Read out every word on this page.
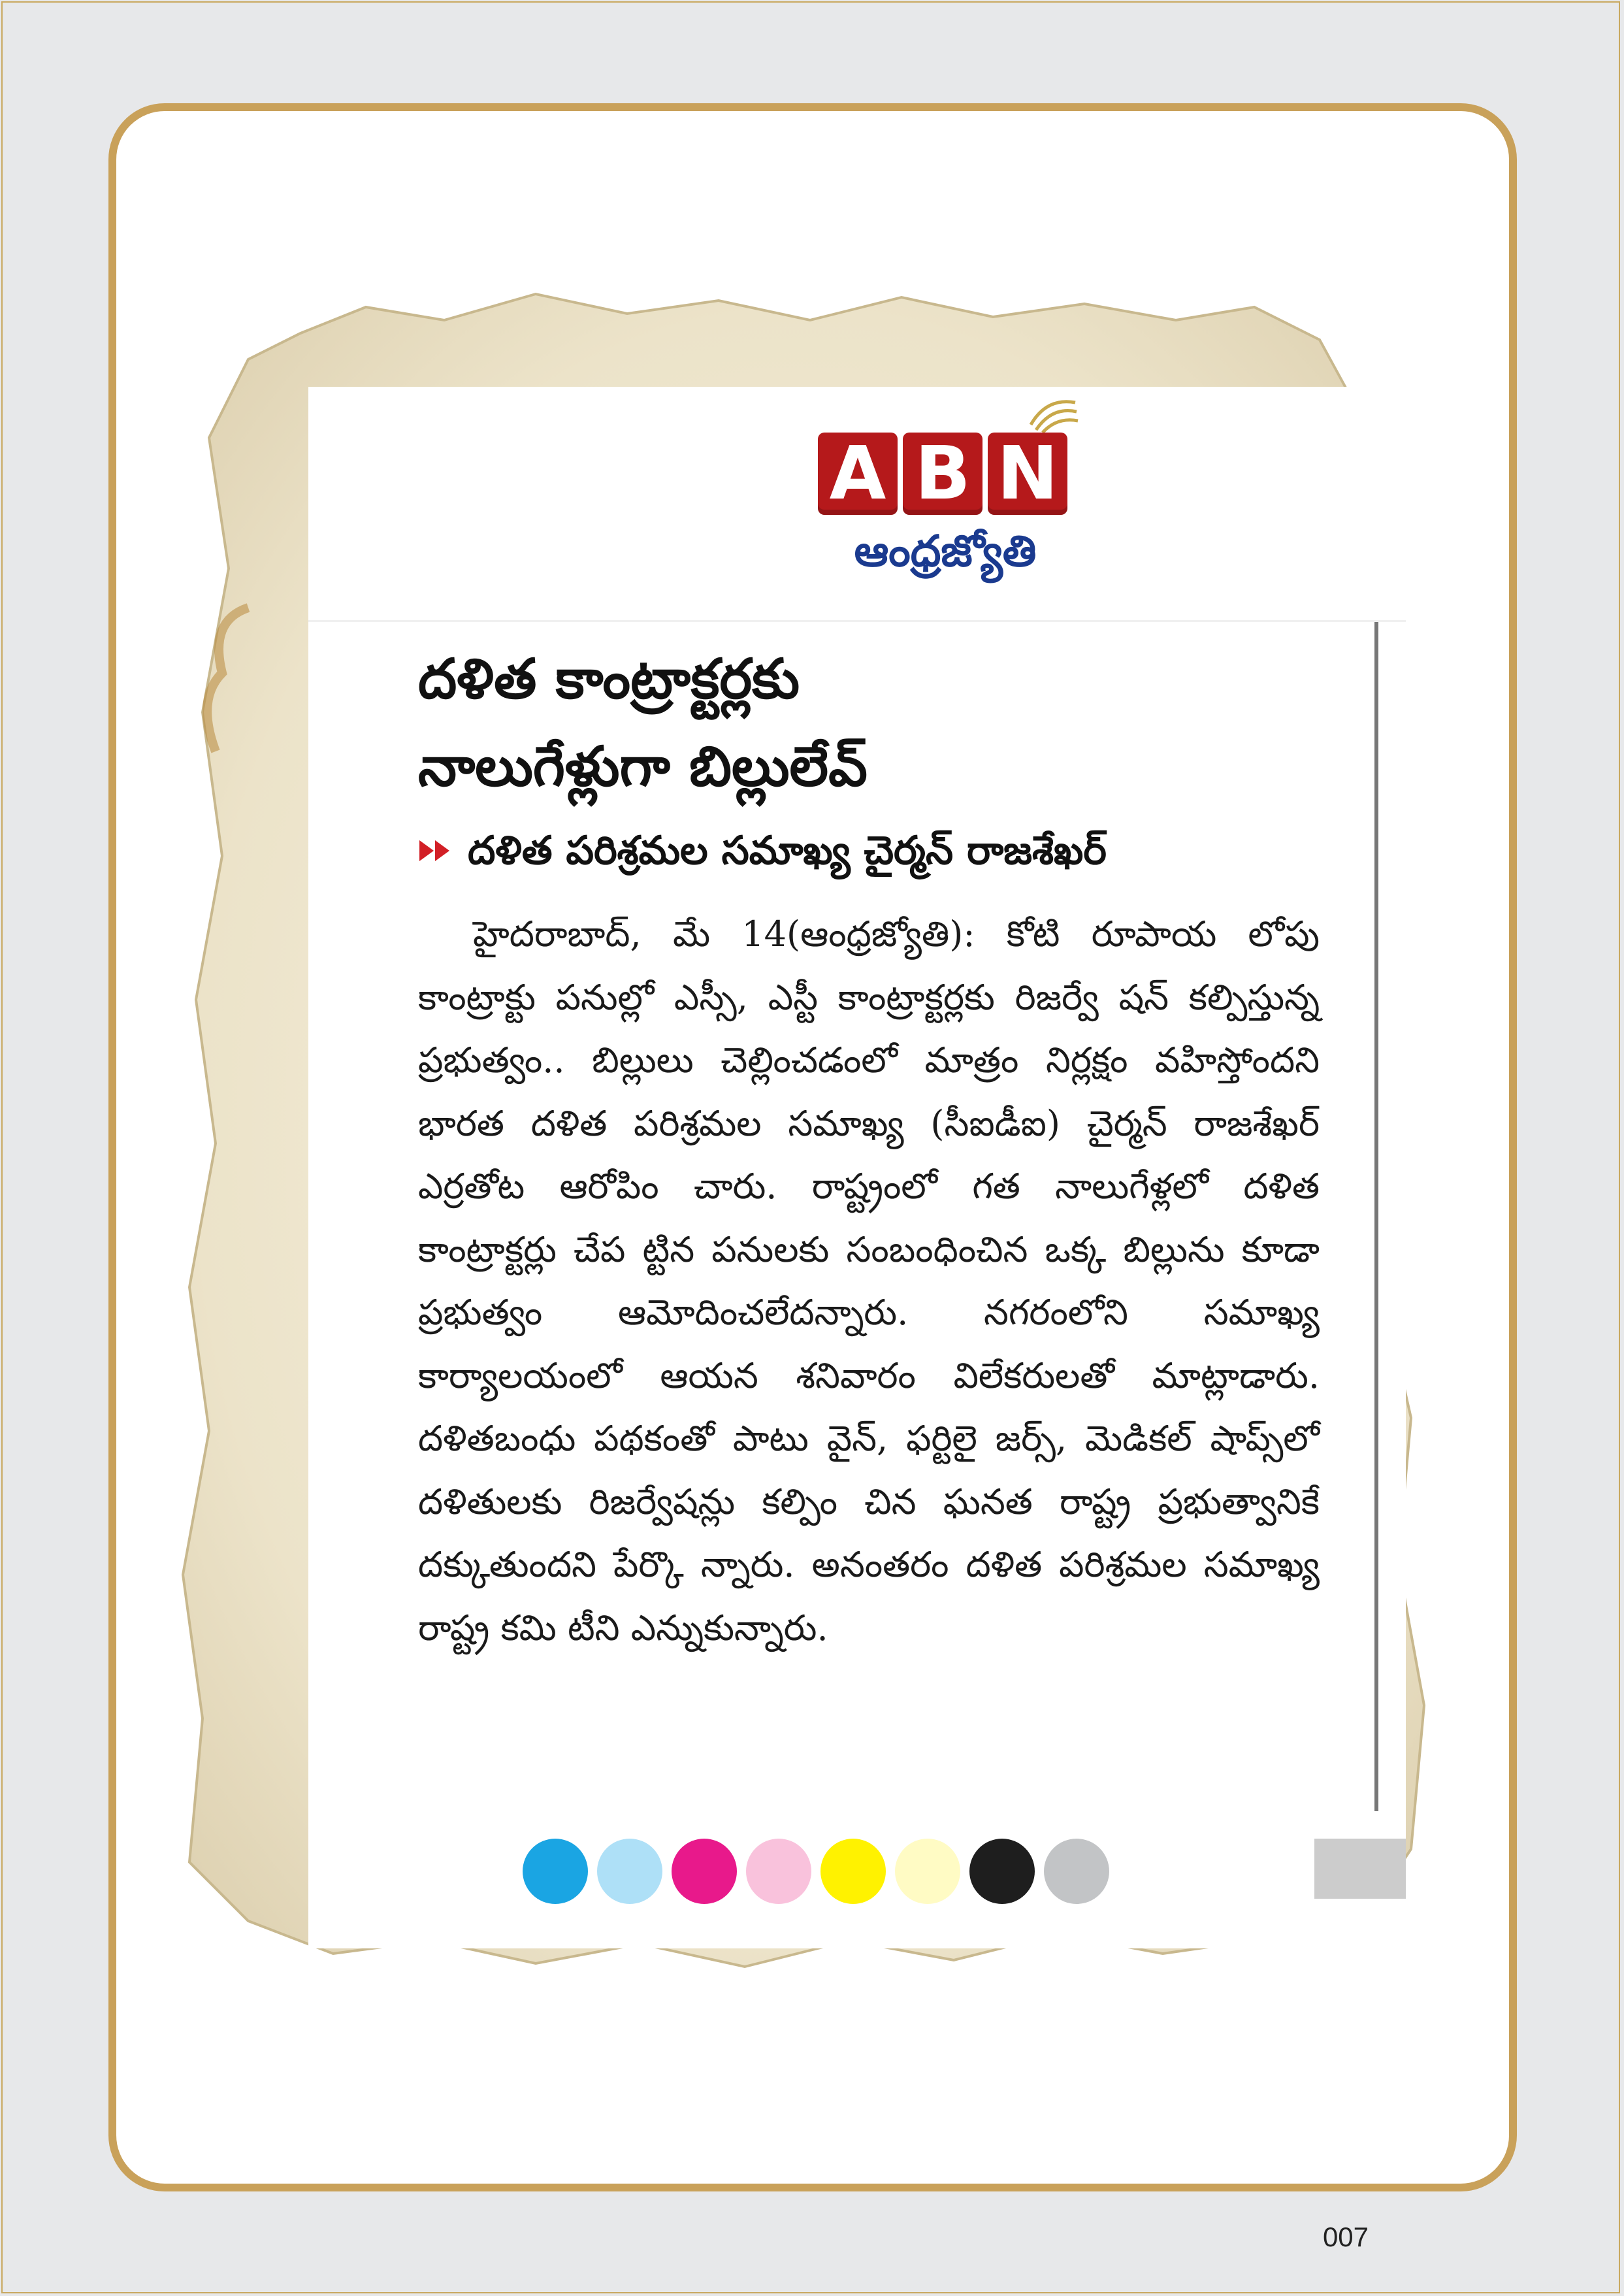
A B N
ఆంధ్రజ్యోతి
దళిత కాంట్రాక్టర్లకు
నాలుగేళ్లుగా బిల్లులేవ్
దళిత పరిశ్రమల సమాఖ్య చైర్మన్ రాజశేఖర్

హైదరాబాద్, మే 14(ఆంధ్రజ్యోతి): కోటి రూపాయ లోపు కాంట్రాక్టు పనుల్లో ఎస్సీ, ఎస్టీ కాంట్రాక్టర్లకు రిజర్వే షన్ కల్పిస్తున్న ప్రభుత్వం.. బిల్లులు చెల్లించడంలో మాత్రం నిర్లక్షం వహిస్తోందని భారత దళిత పరిశ్రమల సమాఖ్య (సీఐడీఐ) చైర్మన్ రాజశేఖర్ ఎర్రతోట ఆరోపిం చారు. రాష్ట్రంలో గత నాలుగేళ్లలో దళిత కాంట్రాక్టర్లు చేప ట్టిన పనులకు సంబంధించిన ఒక్క బిల్లును కూడా ప్రభుత్వం ఆమోదించలేదన్నారు. నగరంలోని సమాఖ్య కార్యాలయంలో ఆయన శనివారం విలేకరులతో మాట్లాడారు. దళితబంధు పథకంతో పాటు వైన్, ఫర్టిలై జర్స్, మెడికల్ షాప్స్‌లో దళితులకు రిజర్వేషన్లు కల్పిం చిన ఘనత రాష్ట్ర ప్రభుత్వానికే దక్కుతుందని పేర్కొ న్నారు. అనంతరం దళిత పరిశ్రమల సమాఖ్య రాష్ట్ర కమి టీని ఎన్నుకున్నారు.

007
